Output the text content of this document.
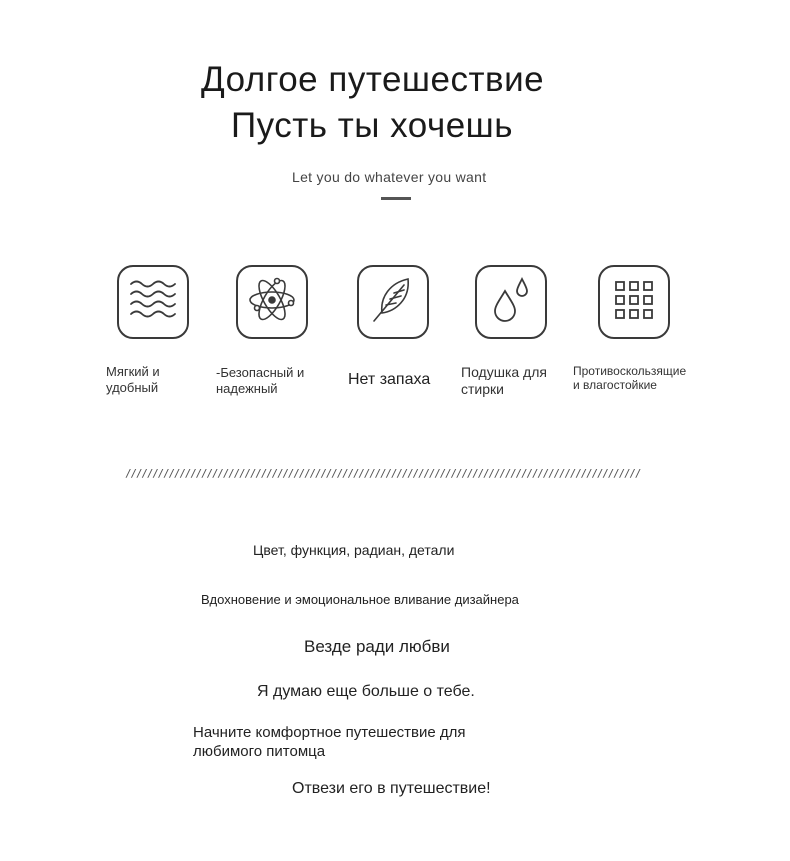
Долгое путешествие
Пусть ты хочешь
Let you do whatever you want
Мягкий и
удобный
-Безопасный и
надежный
Нет запаха Подушка для
стирки
Противоскользящие
и влагостойкие
///////////////////////////////////////////////////////////////////////////////////////////////
Цвет, функция, радиан, детали
Вдохновение и эмоциональное вливание дизайнера
Везде ради любви
Я думаю еще больше о тебе.
Начните комфортное путешествие для
любимого питомца
Отвези его в путешествие!
